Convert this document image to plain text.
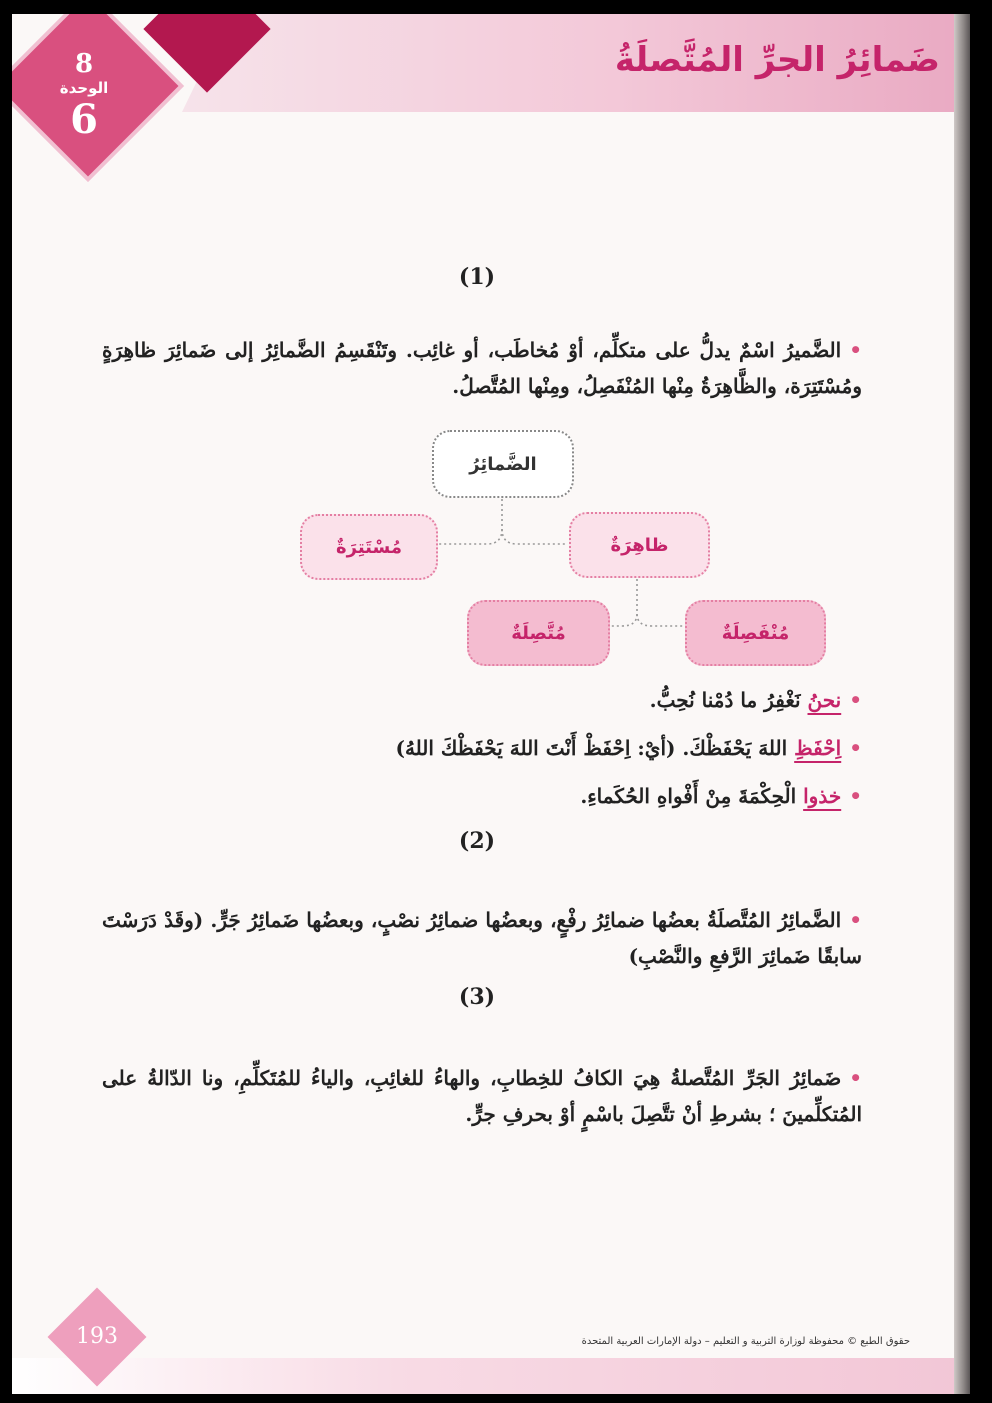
ضَمائِرُ الجرِّ المُتَّصلَةُ
8
الوحدة
6
(1)
•الضَّميرُ اسْمٌ يدلُّ على متكلِّم، أوْ مُخاطَب، أو غائِب. وتَنْقَسِمُ الضَّمائِرُ إلى ضَمائِرَ ظاهِرَةٍ ومُسْتَتِرَة، والظَّاهِرَةُ مِنْها المُنْفَصِلُ، ومِنْها المُتَّصلُ.
الضَّمائِرُ
مُسْتَتِرَةٌ	ظاهِرَةٌ
مُتَّصِلَةٌ	مُنْفَصِلَةٌ
•نحنُ نَغْفِرُ ما دُمْنا نُحِبُّ.
•اِحْفَظِ اللهَ يَحْفَظْكَ. (أيْ: اِحْفَظْ أَنْتَ اللهَ يَحْفَظْكَ اللهُ)
•خذوا الْحِكْمَةَ مِنْ أَفْواهِ الحُكَماءِ.
(2)
•الضَّمائِرُ المُتَّصلَةُ بعضُها ضمائِرُ رفْعٍ، وبعضُها ضمائِرُ نصْبٍ، وبعضُها ضَمائِرُ جَرٍّ. (وقَدْ دَرَسْتَ سابقًا ضَمائِرَ الرَّفعِ والنَّصْبِ)
(3)
•ضَمائِرُ الجَرِّ المُتَّصلةُ هِيَ الكافُ للخِطابِ، والهاءُ للغائِبِ، والياءُ للمُتَكلِّمِ، ونا الدّالةُ على المُتكلِّمينَ ؛ بشرطِ أنْ تتَّصِلَ باسْمٍ أوْ بحرفِ جرٍّ.
193	حقوق الطبع © محفوظة لوزارة التربية و التعليم – دولة الإمارات العربية المتحدة
